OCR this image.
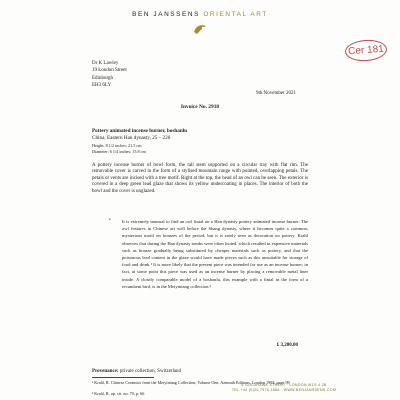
BEN JANSSENS ORIENTAL ART
Cer 181
Dr K Lawley
19 London Street
Edinburgh
EH3 6LY
9th November 2021
Invoice No. 2918
Pottery animated incense burner, boshanlu
China, Eastern Han dynasty, 25 – 220
Height: 8 1/2 inches; 21.5 cm
Diameter: 6 1/4 inches; 15.8 cm
A pottery incense burner of bowl form, the tall stem supported on a circular tray with flat rim. The removable cover is carved in the form of a stylised mountain range with pointed, overlapping petals. The petals or vents are incised with a tree motif. Right at the top, the head of an owl can be seen. The exterior is covered in a deep green lead glaze that shows its yellow undercoating in places. The interior of both the bowl and the cover is unglazed.
• It is extremely unusual to find an owl finial on a Han dynasty pottery animated incense burner. The owl features in Chinese art well before the Shang dynasty, where it becomes quite a common, mysterious motif on bronzes of the period, but it is rarely seen as decoration on pottery. Krahl observes that during the Han dynasty tombs were often looted, which resulted in expensive materials such as bronze gradually being substituted by cheaper materials such as pottery, and that the poisonous lead content in the glaze would have made pieces such as this unsuitable for storage of food and drink.¹ It is more likely that the present piece was intended for use as an incense burner; in fact, at some point this piece was used as an incense burner by placing a removable metal liner inside. A closely comparable model of a boshanlu, this example with a finial in the form of a recumbent bird, is in the Meiyintang collection.²
£ 3,200.00
Provenance: private collection, Switzerland
¹ Krahl, R. Chinese Ceramics from the Meiyintang Collection, Volume One, Azimuth Editions, London 1994, page 99
² Krahl, R. op. cit. no. 79, p. 66
6 GOLDHAWK STREET · LONDON W1S 4 2B
TEL +44 (0)20 7976 1888 · WWW.BENJANSSENS.COM
